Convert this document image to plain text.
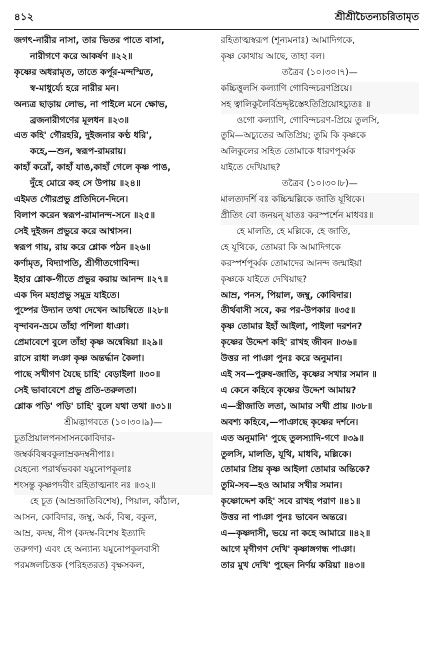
৪১২	শ্রীশ্রীচৈতন্যচরিতামৃত
জগৎ-নারীর নাসা, তার ভিতর পাতে বাসা,
নারীগণে করে আকর্ষণ ॥২২॥
কৃষ্ণের অধরামৃত, তাতে কর্পূর-মন্দস্মিত,
স্ব-মাধুর্য্যে হরে নারীর মন।
অন্যত্র ছাড়ায় লোভ, না পাইলে মনে ক্ষোভ,
ব্রজনারীগণের মূলধন ॥২৩॥
এত কহি' গৌরহরি, দুইজনার কণ্ঠ ধরি',
কহে,—শুন, স্বরূপ-রামরায়।
কাহাঁ করোঁ, কাহাঁ যাঙ,কাহাঁ গেলে কৃষ্ণ পাঙ,
দুঁহে মোরে কহ সে উপায় ॥২৪॥
এইমত গৌরপ্রভু প্রতিদিনে-দিনে।
বিলাপ করেন স্বরূপ-রামানন্দ-সনে ॥২৫॥
সেই দুইজন প্রভুরে করে আশ্বাসন।
স্বরূপ গায়, রায় করে শ্লোক পঠন ॥২৬॥
কর্ণামৃত, বিদ্যাপতি, শ্রীগীতগোবিন্দ।
ইহার শ্লোক-গীতে প্রভুর করায় আনন্দ ॥২৭॥
এক দিন মহাপ্রভু সমুদ্র যাইতে।
পুষ্পের উদ্যান তথা দেখেন আচম্বিতে ॥২৮॥
বৃন্দাবন-ভ্রমে তাঁহা পশিলা ধাঞা।
প্রেমাবেশে বুলে তাঁহা কৃষ্ণ অন্বেষিয়া ॥২৯॥
রাসে রাধা লঞা কৃষ্ণ অন্তর্দ্ধান কৈলা।
পাছে সখীগণ যৈছে চাহি' বেড়াইলা ॥৩০॥
সেই ভাবাবেশে প্রভু প্রতি-তরুলতা।
শ্লোক পড়ি' পড়ি' চাহি' বুলে যথা তথা ॥৩১॥
শ্রীমদ্ভাগবতে (১০।৩০।৯)—
চূতপ্রিয়ালপনসাসনকোবিদার-
জম্বর্কবিল্ববকুলাম্রকদম্বনীপাঃ।
যেহন্যে পরার্থভবকা যমুনোপকূলাঃ
শংসন্তু কৃষ্ণপদবীং রহিতাত্মনাং নঃ ॥৩২॥
হে চূত (আম্রজাতিবিশেষ), পিয়াল, কাঁঠাল,
আসন, কোবিদার, জম্বু, অর্ক, বিল্ব, বকুল,
আম্র, কদম্ব, নীপ (কদম্ব-বিশেষ ইত্যাদি
তরুগণ) এবং হে অন্যান্য যমুনোপকূলবাসী
পরমঙ্গলচিত্তক (পরিহতরত) বৃক্ষসকল,
রহিতাত্মস্বরূপ (শূন্যমনাঃ) আমাদিগকে,
কৃষ্ণ কোথায় আছে, তাহা বল।
তত্রৈব (১০।৩০।৭)—
কচ্চিত্তুলসি কল্যাণি গোবিন্দচরণপ্রিয়ে।
সহ ত্বালিকুলৈর্বিভ্রদ্দৃষ্টস্তেঽতিপ্রিয়োঽচ্যুতঃ ॥
ওগো কল্যাণি, গোবিন্দচরণ-প্রিয়ে তুলসি,
তুমি—অচ্যুতের অতিপ্রিয়; তুমি কি কৃষ্ণকে
অলিকুলের সহিত তোমাকে ধারণপূর্ব্বক
যাইতে দেখিয়াছ?
তত্রৈব (১০।৩০।৮)—
মালত্যদর্শি বঃ কচ্চিন্মল্লিকে জাতি যূথিকে।
প্রীতিং বো জনয়ন্ যাতঃ করস্পর্শেন মাধবঃ॥
হে মালতি, হে মল্লিকে, হে জাতি,
হে যূথিকে, তোমরা কি আমাদিগকে
করস্পর্শপূর্ব্বক তোমাদের আনন্দ জন্মাইয়া
কৃষ্ণকে যাইতে দেখিয়াছ?
আম্র, পনস, পিয়াল, জম্বু, কোবিদার।
তীর্থবাসী সবে, কর পর-উপকার ॥৩৫॥
কৃষ্ণ তোমার ইহাঁ আইলা, পাইলা দরশন?
কৃষ্ণের উদ্দেশ কহি' রাখহ জীবন ॥৩৬॥
উত্তর না পাঞা পুনঃ করে অনুমান।
এই সব—পুরুষ-জাতি, কৃষ্ণের সখার সমান ॥
এ কেনে কহিবে কৃষ্ণের উদ্দেশ আমায়?
এ—স্ত্রীজাতি লতা, আমার সখী প্রায় ॥৩৮॥
অবশ্য কহিবে,—পাঞাছে কৃষ্ণের দর্শনে।
এত অনুমানি' পুছে তুলস্যাদি-গণে ॥৩৯॥
তুলসি, মালতি, যূথি, মাধবি, মল্লিকে।
তোমার প্রিয় কৃষ্ণ আইলা তোমার অন্তিকে?
তুমি-সব—হও আমার সখীর সমান।
কৃষ্ণোদ্দেশ কহি' সবে রাখহ পরাণ ॥৪১॥
উত্তর না পাঞা পুনঃ ভাবেন অন্তরে।
এ—কৃষ্ণদাসী, ভয়ে না কহে আমারে ॥৪২॥
আগে মৃগীগণ দেখি' কৃষ্ণাঙ্গগন্ধ পাঞা।
তার মুখ দেখি' পুছেন নির্ণয় করিয়া ॥৪৩॥
